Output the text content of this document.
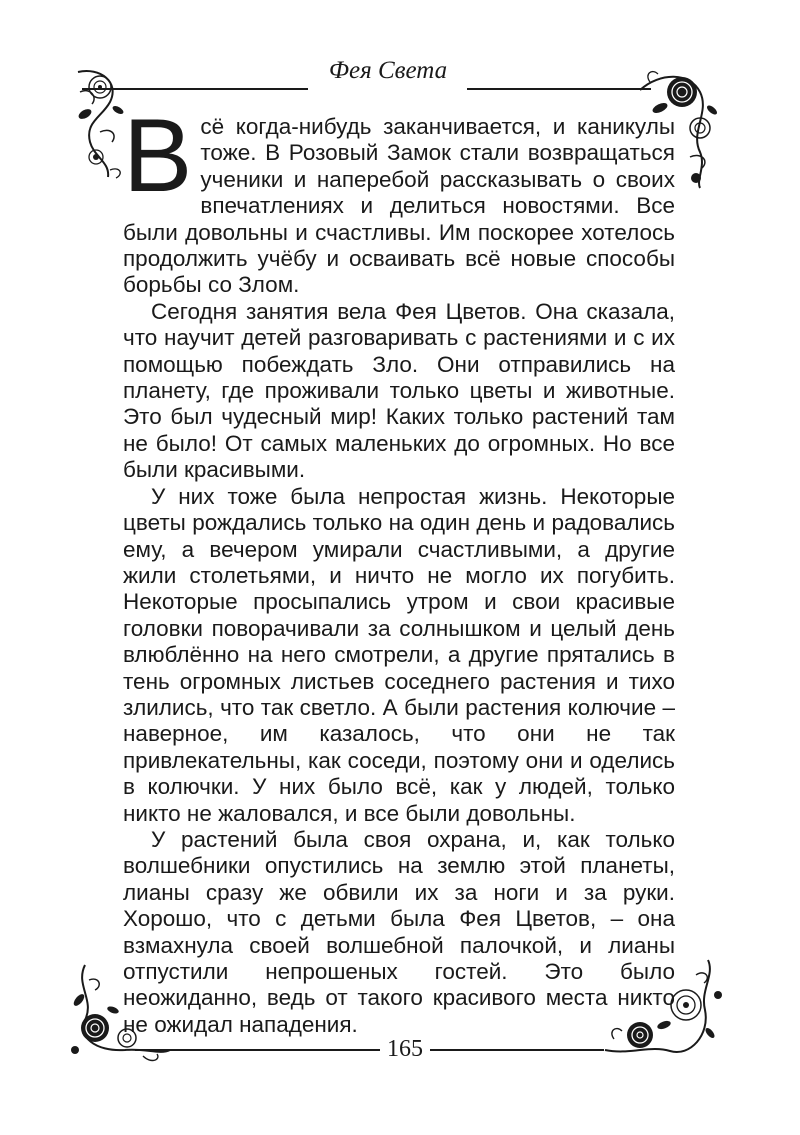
Фея Света

Всё когда-нибудь заканчивается, и каникулы тоже. В Розовый Замок стали возвращаться ученики и наперебой рассказывать о своих впечатлениях и делиться новостями. Все были довольны и счастливы. Им поскорее хотелось продолжить учёбу и осваивать всё новые способы борьбы со Злом.

Сегодня занятия вела Фея Цветов. Она сказала, что научит детей разговаривать с растениями и с их помощью побеждать Зло. Они отправились на планету, где проживали только цветы и животные. Это был чудесный мир! Каких только растений там не было! От самых маленьких до огромных. Но все были красивыми.

У них тоже была непростая жизнь. Некоторые цветы рождались только на один день и радовались ему, а вечером умирали счастливыми, а другие жили столетьями, и ничто не могло их погубить. Некоторые просыпались утром и свои красивые головки поворачивали за солнышком и целый день влюблённо на него смотрели, а другие прятались в тень огромных листьев соседнего растения и тихо злились, что так светло. А были растения колючие – наверное, им казалось, что они не так привлекательны, как соседи, поэтому они и оделись в колючки. У них было всё, как у людей, только никто не жаловался, и все были довольны.

У растений была своя охрана, и, как только волшебники опустились на землю этой планеты, лианы сразу же обвили их за ноги и за руки. Хорошо, что с детьми была Фея Цветов, – она взмахнула своей волшебной палочкой, и лианы отпустили непрошеных гостей. Это было неожиданно, ведь от такого красивого места никто не ожидал нападения.

165
